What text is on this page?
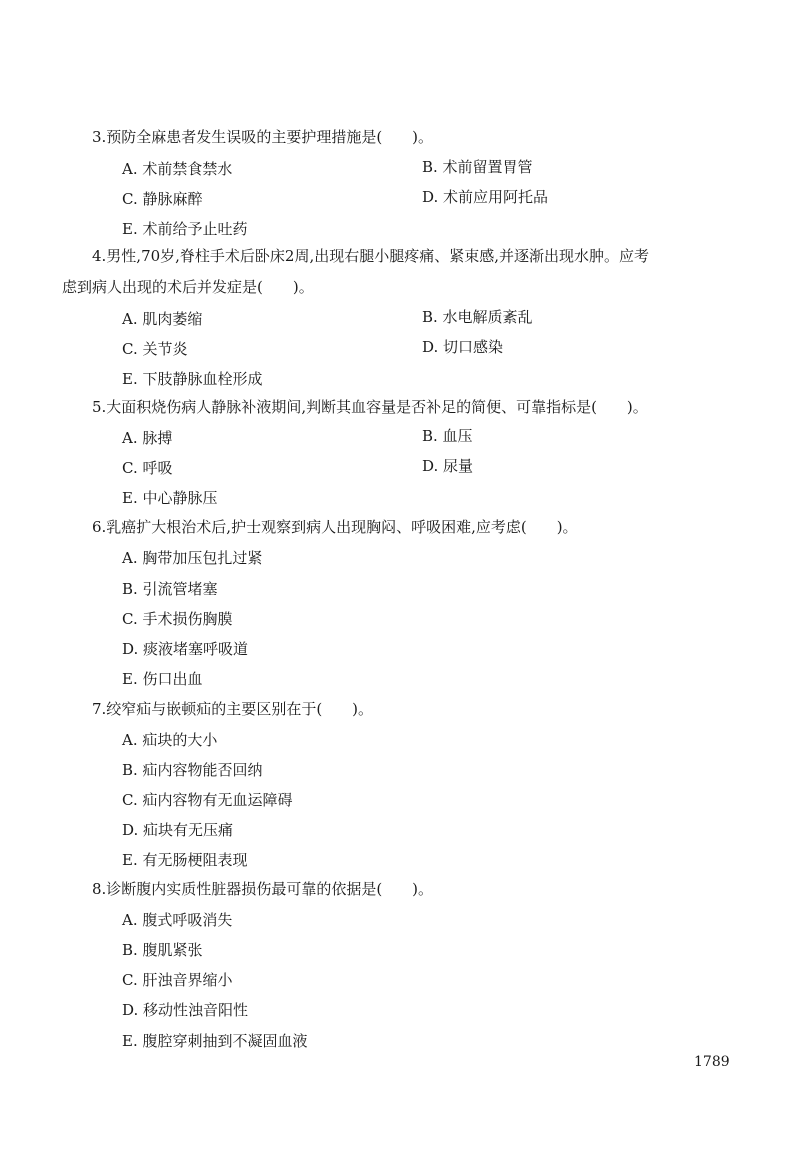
3.预防全麻患者发生误吸的主要护理措施是(　　)。
A. 术前禁食禁水	B. 术前留置胃管
C. 静脉麻醉	D. 术前应用阿托品
E. 术前给予止吐药
4.男性,70岁,脊柱手术后卧床2周,出现右腿小腿疼痛、紧束感,并逐渐出现水肿。应考
虑到病人出现的术后并发症是(　　)。
A. 肌肉萎缩	B. 水电解质紊乱
C. 关节炎	D. 切口感染
E. 下肢静脉血栓形成
5.大面积烧伤病人静脉补液期间,判断其血容量是否补足的简便、可靠指标是(　　)。
A. 脉搏	B. 血压
C. 呼吸	D. 尿量
E. 中心静脉压
6.乳癌扩大根治术后,护士观察到病人出现胸闷、呼吸困难,应考虑(　　)。
A. 胸带加压包扎过紧
B. 引流管堵塞
C. 手术损伤胸膜
D. 痰液堵塞呼吸道
E. 伤口出血
7.绞窄疝与嵌顿疝的主要区别在于(　　)。
A. 疝块的大小
B. 疝内容物能否回纳
C. 疝内容物有无血运障碍
D. 疝块有无压痛
E. 有无肠梗阻表现
8.诊断腹内实质性脏器损伤最可靠的依据是(　　)。
A. 腹式呼吸消失
B. 腹肌紧张
C. 肝浊音界缩小
D. 移动性浊音阳性
E. 腹腔穿刺抽到不凝固血液
1789
